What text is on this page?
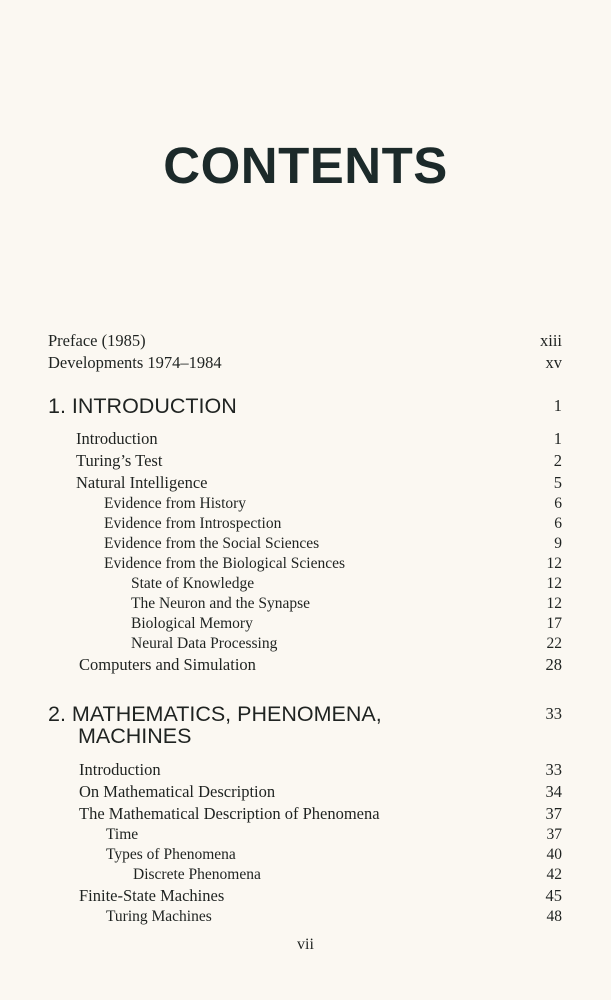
CONTENTS
Preface (1985)	xiii
Developments 1974–1984	xv
1. INTRODUCTION	1
Introduction	1
Turing’s Test	2
Natural Intelligence	5
Evidence from History	6
Evidence from Introspection	6
Evidence from the Social Sciences	9
Evidence from the Biological Sciences	12
State of Knowledge	12
The Neuron and the Synapse	12
Biological Memory	17
Neural Data Processing	22
Computers and Simulation	28
2. MATHEMATICS, PHENOMENA,	33
MACHINES
Introduction	33
On Mathematical Description	34
The Mathematical Description of Phenomena	37
Time	37
Types of Phenomena	40
Discrete Phenomena	42
Finite-State Machines	45
Turing Machines	48
vii
